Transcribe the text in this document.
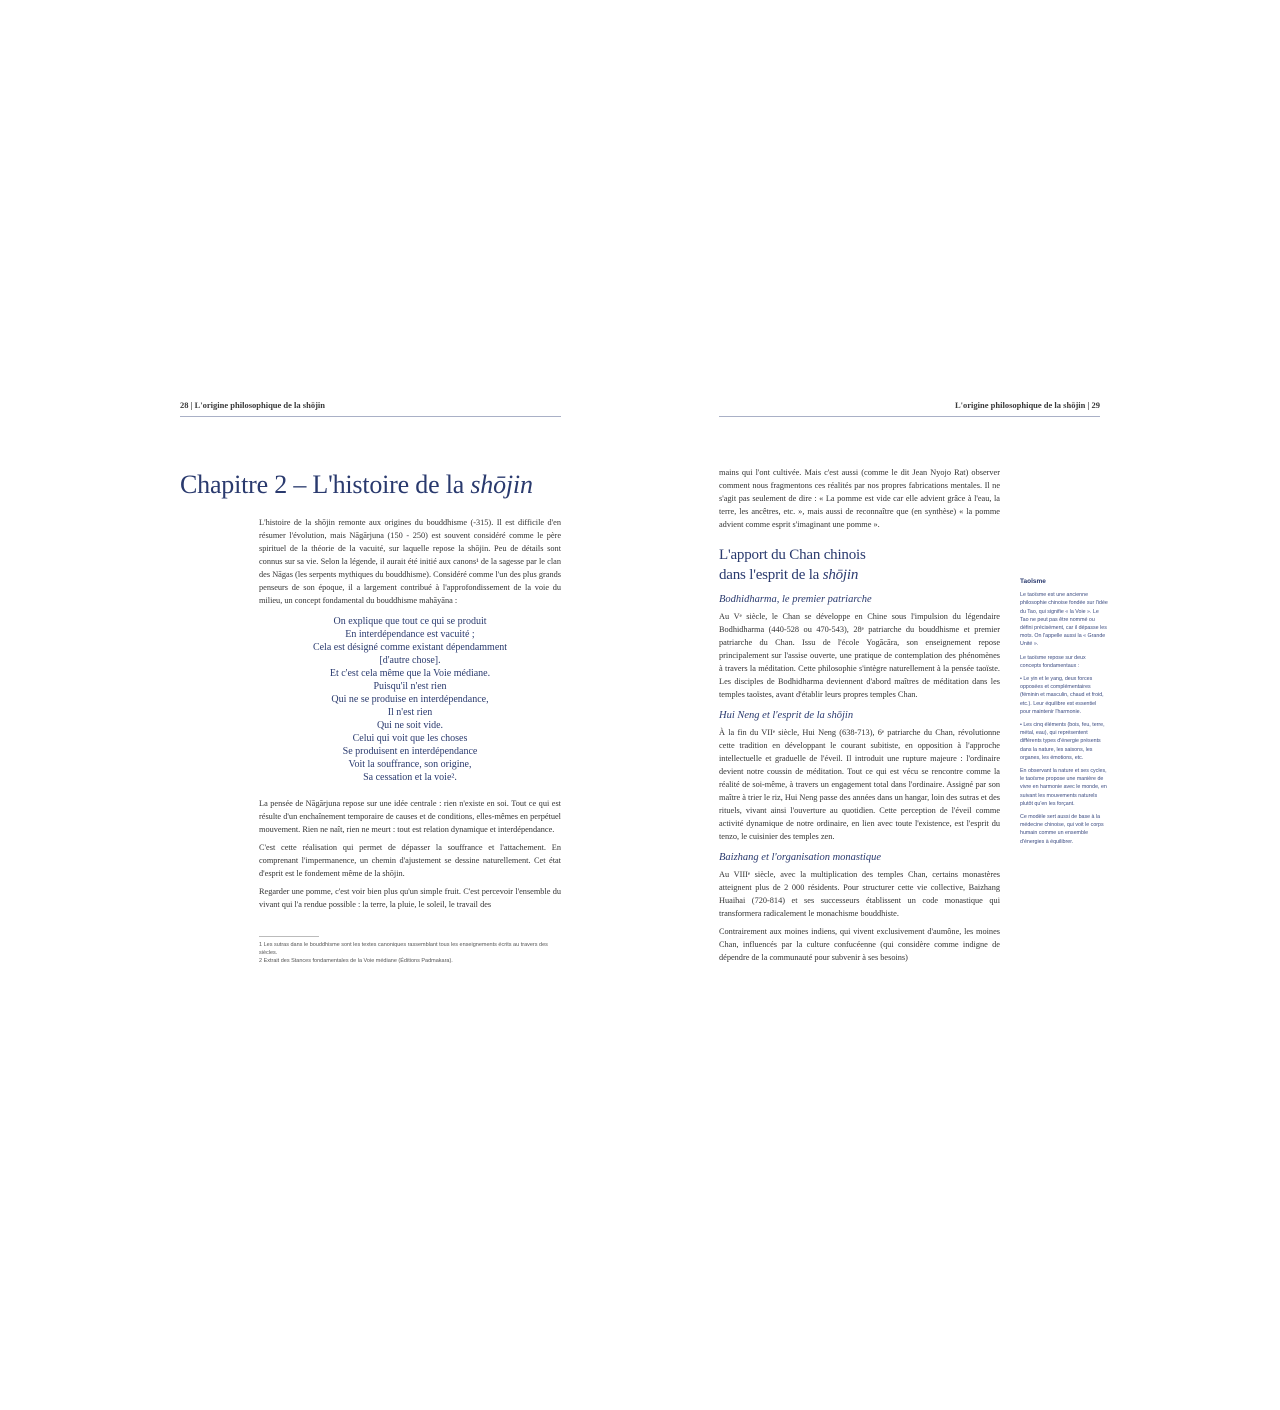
28 | L'origine philosophique de la shōjin
Chapitre 2 – L'histoire de la shōjin

L'histoire de la shōjin remonte aux origines du bouddhisme (-315). Il est difficile d'en résumer l'évolution, mais Nāgārjuna (150 - 250) est souvent considéré comme le père spirituel de la théorie de la vacuité, sur laquelle repose la shōjin. Peu de détails sont connus sur sa vie. Selon la légende, il aurait été initié aux canons¹ de la sagesse par le clan des Nāgas (les serpents mythiques du bouddhisme). Considéré comme l'un des plus grands penseurs de son époque, il a largement contribué à l'approfondissement de la voie du milieu, un concept fondamental du bouddhisme mahāyāna :

On explique que tout ce qui se produit
En interdépendance est vacuité ;
Cela est désigné comme existant dépendamment
[d'autre chose].
Et c'est cela même que la Voie médiane.
Puisqu'il n'est rien
Qui ne se produise en interdépendance,
Il n'est rien
Qui ne soit vide.
Celui qui voit que les choses
Se produisent en interdépendance
Voit la souffrance, son origine,
Sa cessation et la voie².

La pensée de Nāgārjuna repose sur une idée centrale : rien n'existe en soi. Tout ce qui est résulte d'un enchaînement temporaire de causes et de conditions, elles-mêmes en perpétuel mouvement. Rien ne naît, rien ne meurt : tout est relation dynamique et interdépendance.

C'est cette réalisation qui permet de dépasser la souffrance et l'attachement. En comprenant l'impermanence, un chemin d'ajustement se dessine naturellement. Cet état d'esprit est le fondement même de la shōjin.

Regarder une pomme, c'est voir bien plus qu'un simple fruit. C'est percevoir l'ensemble du vivant qui l'a rendue possible : la terre, la pluie, le soleil, le travail des

1 Les sutras dans le bouddhisme sont les textes canoniques rassemblant tous les enseignements écrits au travers des siècles.
2 Extrait des Stances fondamentales de la Voie médiane (Éditions Padmakara).
L'origine philosophique de la shōjin | 29

mains qui l'ont cultivée. Mais c'est aussi (comme le dit Jean Nyojo Rat) observer comment nous fragmentons ces réalités par nos propres fabrications mentales. Il ne s'agit pas seulement de dire : « La pomme est vide car elle advient grâce à l'eau, la terre, les ancêtres, etc. », mais aussi de reconnaître que (en synthèse) « la pomme advient comme esprit s'imaginant une pomme ».

L'apport du Chan chinois
dans l'esprit de la shōjin
Bodhidharma, le premier patriarche

Au Vᵉ siècle, le Chan se développe en Chine sous l'impulsion du légendaire Bodhidharma (440-528 ou 470-543), 28ᵉ patriarche du bouddhisme et premier patriarche du Chan. Issu de l'école Yogācāra, son enseignement repose principalement sur l'assise ouverte, une pratique de contemplation des phénomènes à travers la méditation. Cette philosophie s'intègre naturellement à la pensée taoïste. Les disciples de Bodhidharma deviennent d'abord maîtres de méditation dans les temples taoïstes, avant d'établir leurs propres temples Chan.

Hui Neng et l'esprit de la shōjin

À la fin du VIIᵉ siècle, Hui Neng (638-713), 6ᵉ patriarche du Chan, révolutionne cette tradition en développant le courant subitiste, en opposition à l'approche intellectuelle et graduelle de l'éveil. Il introduit une rupture majeure : l'ordinaire devient notre coussin de méditation. Tout ce qui est vécu se rencontre comme la réalité de soi-même, à travers un engagement total dans l'ordinaire. Assigné par son maître à trier le riz, Hui Neng passe des années dans un hangar, loin des sutras et des rituels, vivant ainsi l'ouverture au quotidien. Cette perception de l'éveil comme activité dynamique de notre ordinaire, en lien avec toute l'existence, est l'esprit du tenzo, le cuisinier des temples zen.

Baizhang et l'organisation monastique

Au VIIIᵉ siècle, avec la multiplication des temples Chan, certains monastères atteignent plus de 2 000 résidents. Pour structurer cette vie collective, Baizhang Huaihai (720-814) et ses successeurs établissent un code monastique qui transformera radicalement le monachisme bouddhiste.

Contrairement aux moines indiens, qui vivent exclusivement d'aumône, les moines Chan, influencés par la culture confucéenne (qui considère comme indigne de dépendre de la communauté pour subvenir à ses besoins)

Taoïsme

Le taoïsme est une ancienne philosophie chinoise fondée sur l'idée du Tao, qui signifie « la Voie ». Le Tao ne peut pas être nommé ou défini précisément, car il dépasse les mots. On l'appelle aussi la « Grande Unité ».

Le taoïsme repose sur deux concepts fondamentaux :

• Le yin et le yang, deux forces opposées et complémentaires (féminin et masculin, chaud et froid, etc.). Leur équilibre est essentiel pour maintenir l'harmonie.

• Les cinq éléments (bois, feu, terre, métal, eau), qui représentent différents types d'énergie présents dans la nature, les saisons, les organes, les émotions, etc.

En observant la nature et ses cycles, le taoïsme propose une manière de vivre en harmonie avec le monde, en suivant les mouvements naturels plutôt qu'en les forçant.

Ce modèle sert aussi de base à la médecine chinoise, qui voit le corps humain comme un ensemble d'énergies à équilibrer.
